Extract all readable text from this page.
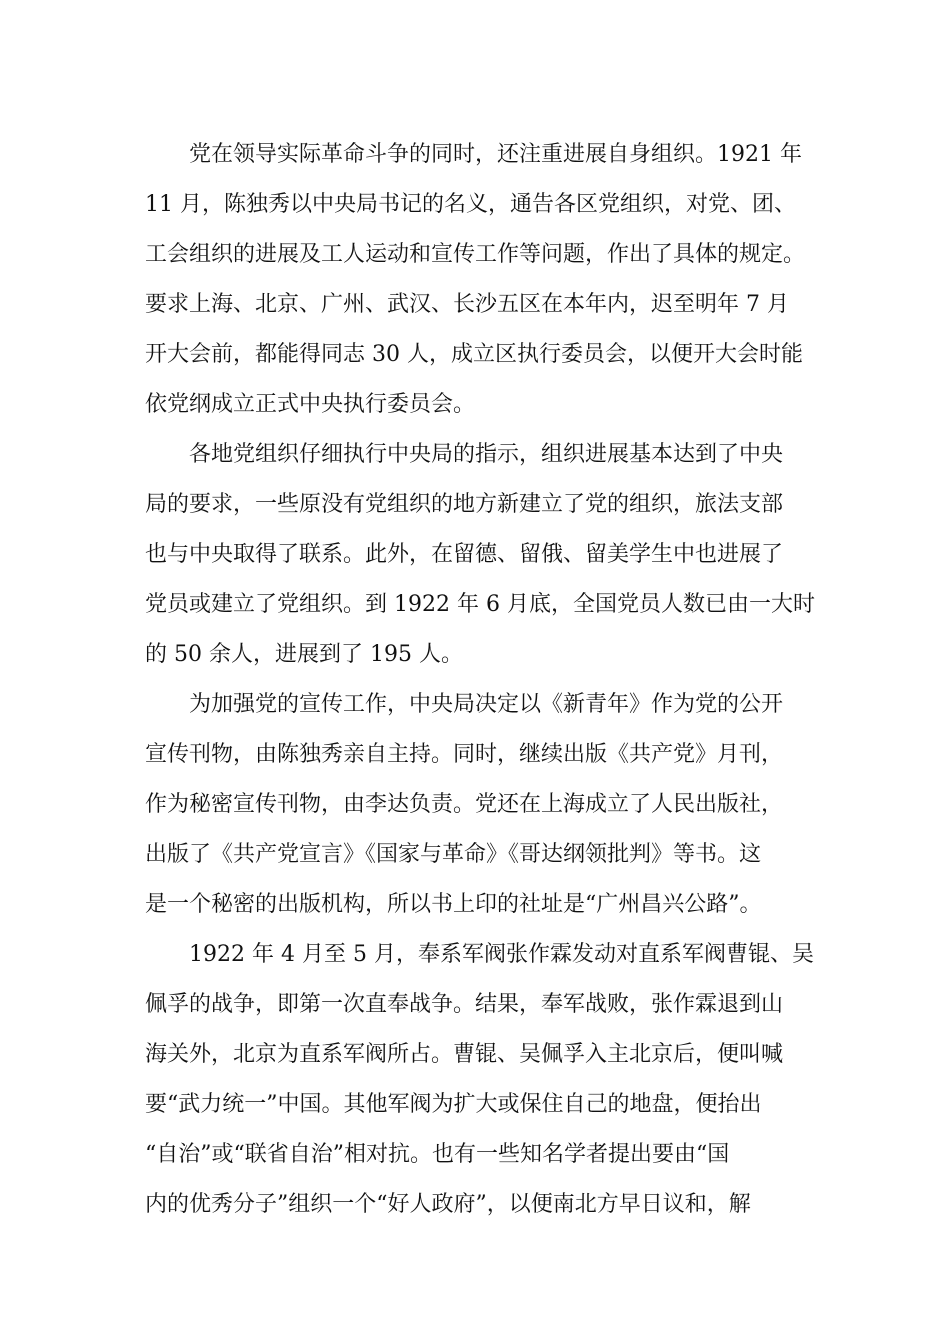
党在领导实际革命斗争的同时，还注重进展自身组织。1921 年
11 月，陈独秀以中央局书记的名义，通告各区党组织，对党、团、
工会组织的进展及工人运动和宣传工作等问题，作出了具体的规定。
要求上海、北京、广州、武汉、长沙五区在本年内，迟至明年 7 月
开大会前，都能得同志 30 人，成立区执行委员会，以便开大会时能
依党纲成立正式中央执行委员会。
各地党组织仔细执行中央局的指示，组织进展基本达到了中央
局的要求，一些原没有党组织的地方新建立了党的组织，旅法支部
也与中央取得了联系。此外，在留德、留俄、留美学生中也进展了
党员或建立了党组织。到 1922 年 6 月底，全国党员人数已由一大时
的 50 余人，进展到了 195 人。
为加强党的宣传工作，中央局决定以《新青年》作为党的公开
宣传刊物，由陈独秀亲自主持。同时，继续出版《共产党》月刊，
作为秘密宣传刊物，由李达负责。党还在上海成立了人民出版社，
出版了《共产党宣言》《国家与革命》《哥达纲领批判》等书。这
是一个秘密的出版机构，所以书上印的社址是“广州昌兴公路”。
1922 年 4 月至 5 月，奉系军阀张作霖发动对直系军阀曹锟、吴
佩孚的战争，即第一次直奉战争。结果，奉军战败，张作霖退到山
海关外，北京为直系军阀所占。曹锟、吴佩孚入主北京后，便叫喊
要“武力统一”中国。其他军阀为扩大或保住自己的地盘，便抬出
“自治”或“联省自治”相对抗。也有一些知名学者提出要由“国
内的优秀分子”组织一个“好人政府”，以便南北方早日议和，解
